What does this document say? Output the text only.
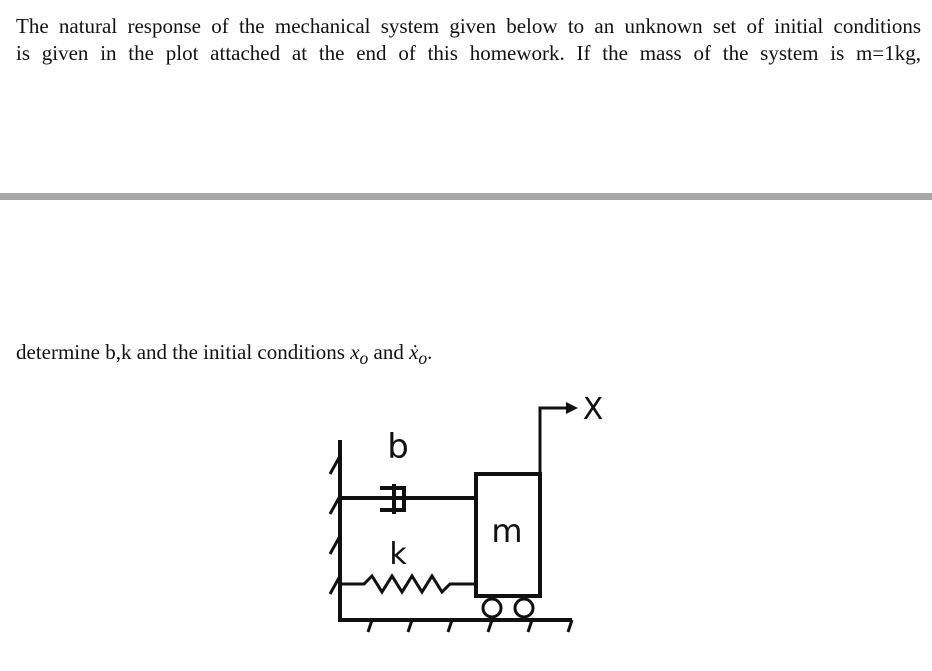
The natural response of the mechanical system given below to an unknown set of initial conditions

is given in the plot attached at the end of this homework. If the mass of the system is m=1kg,

determine b,k and the initial conditions $x_o$ and ẋ$_o$.

b
k
m
X
